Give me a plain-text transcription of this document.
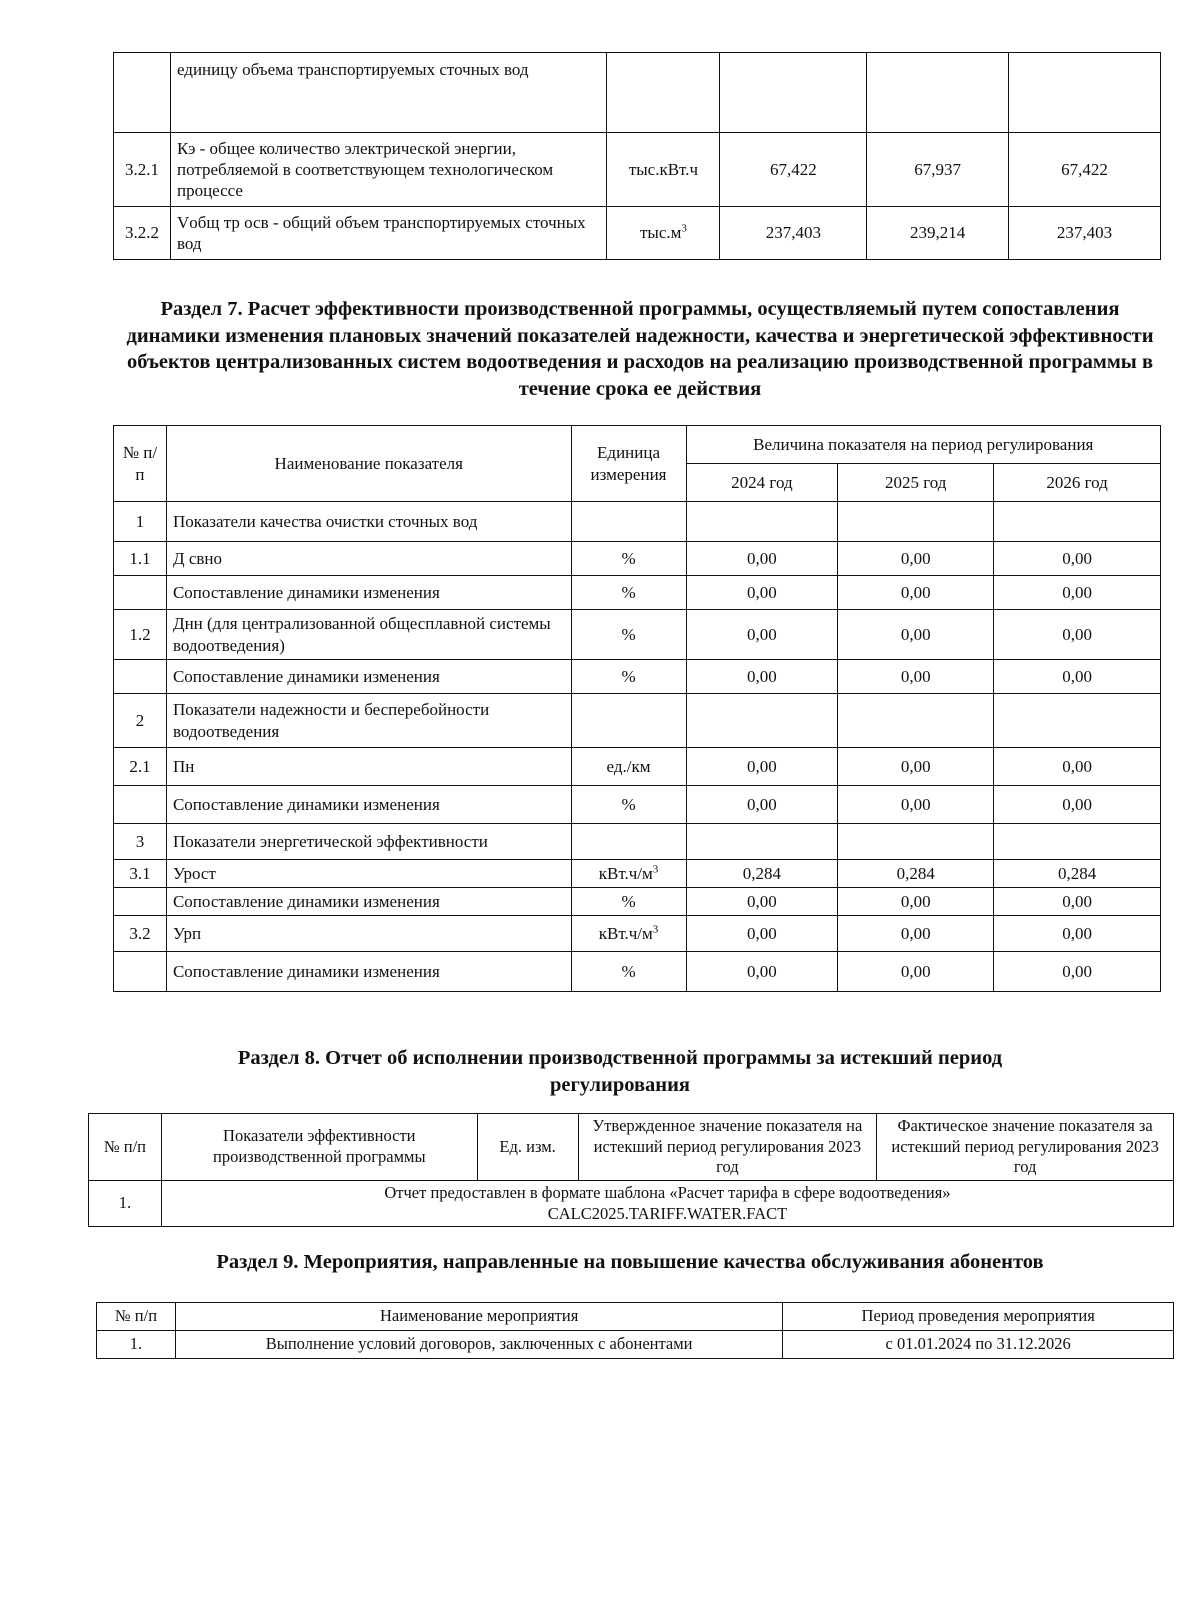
	единицу объема транспортируемых сточных вод				
3.2.1	Кэ - общее количество электрической энергии, потребляемой в соответствующем технологическом процессе	тыс.кВт.ч	67,422	67,937	67,422
3.2.2	Vобщ тр осв - общий объем транспортируемых сточных вод	$тыс.м^3$	237,403	239,214	237,403
Раздел 7. Расчет эффективности производственной программы, осуществляемый путем сопоставления динамики изменения плановых значений показателей надежности, качества и энергетической эффективности объектов централизованных систем водоотведения и расходов на реализацию производственной программы в течение срока ее действия
№ п/п	Наименование показателя	Единица измерения	Величина показателя на период регулирования		
			2024 год	2025 год	2026 год
1	Показатели качества очистки сточных вод				
1.1	Д свно	%	0,00	0,00	0,00
	Сопоставление динамики изменения	%	0,00	0,00	0,00
1.2	Днн (для централизованной общесплавной системы водоотведения)	%	0,00	0,00	0,00
	Сопоставление динамики изменения	%	0,00	0,00	0,00
2	Показатели надежности и бесперебойности водоотведения				
2.1	Пн	ед./км	0,00	0,00	0,00
	Сопоставление динамики изменения	%	0,00	0,00	0,00
3	Показатели энергетической эффективности				
3.1	Урост	$кВт.ч/м^3$	0,284	0,284	0,284
	Сопоставление динамики изменения	%	0,00	0,00	0,00
3.2	Урп	$кВт.ч/м^3$	0,00	0,00	0,00
	Сопоставление динамики изменения	%	0,00	0,00	0,00
Раздел 8. Отчет об исполнении производственной программы за истекший период регулирования
№ п/п	Показатели эффективности производственной программы	Ед. изм.	Утвержденное значение показателя на истекший период регулирования 2023 год	Фактическое значение показателя за истекший период регулирования 2023 год
1.	Отчет предоставлен в формате шаблона «Расчет тарифа в сфере водоотведения»
CALC2025.TARIFF.WATER.FACT			
Раздел 9. Мероприятия, направленные на повышение качества обслуживания абонентов
№ п/п	Наименование мероприятия	Период проведения мероприятия
1.	Выполнение условий договоров, заключенных с абонентами	с 01.01.2024 по 31.12.2026
